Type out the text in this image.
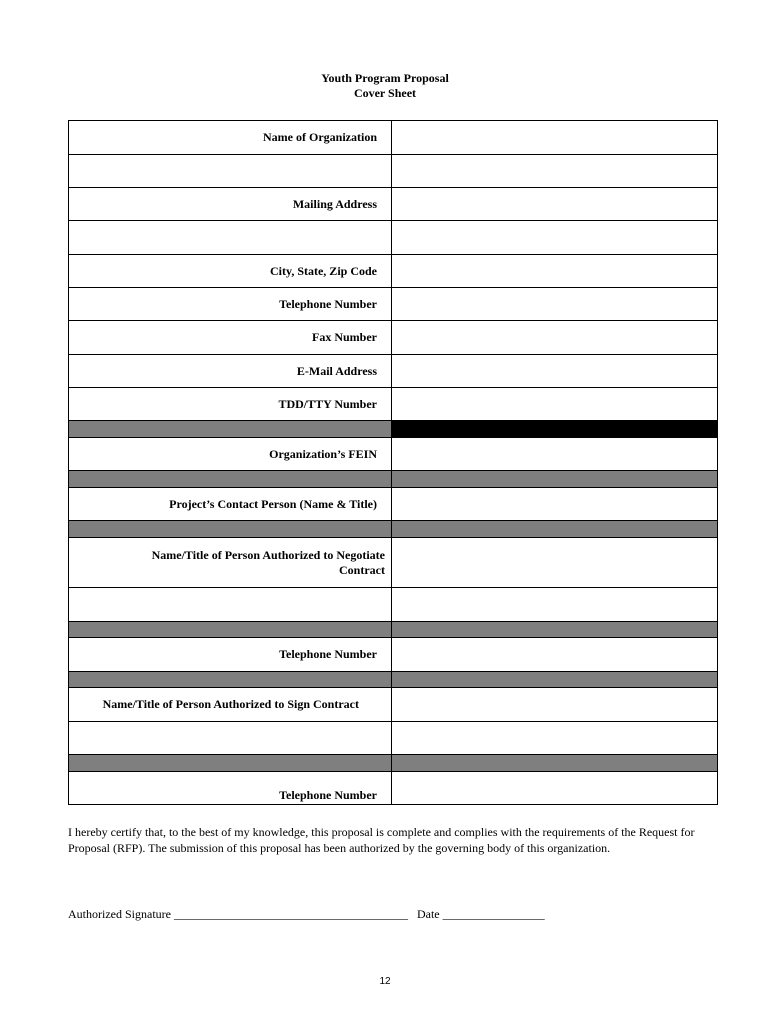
Youth Program Proposal
Cover Sheet
Name of Organization	

Mailing Address	

City, State, Zip Code	
Telephone Number	
Fax Number	
E-Mail Address	
TDD/TTY Number	

Organization’s FEIN	

Project’s Contact Person (Name & Title)	

Name/Title of Person Authorized to Negotiate Contract	

Telephone Number	

Name/Title of Person Authorized to Sign Contract	

Telephone Number	
I hereby certify that, to the best of my knowledge, this proposal is complete and complies with the requirements of the Request for Proposal (RFP). The submission of this proposal has been authorized by the governing body of this organization.
Authorized Signature _______________________________________ Date _________________
12
